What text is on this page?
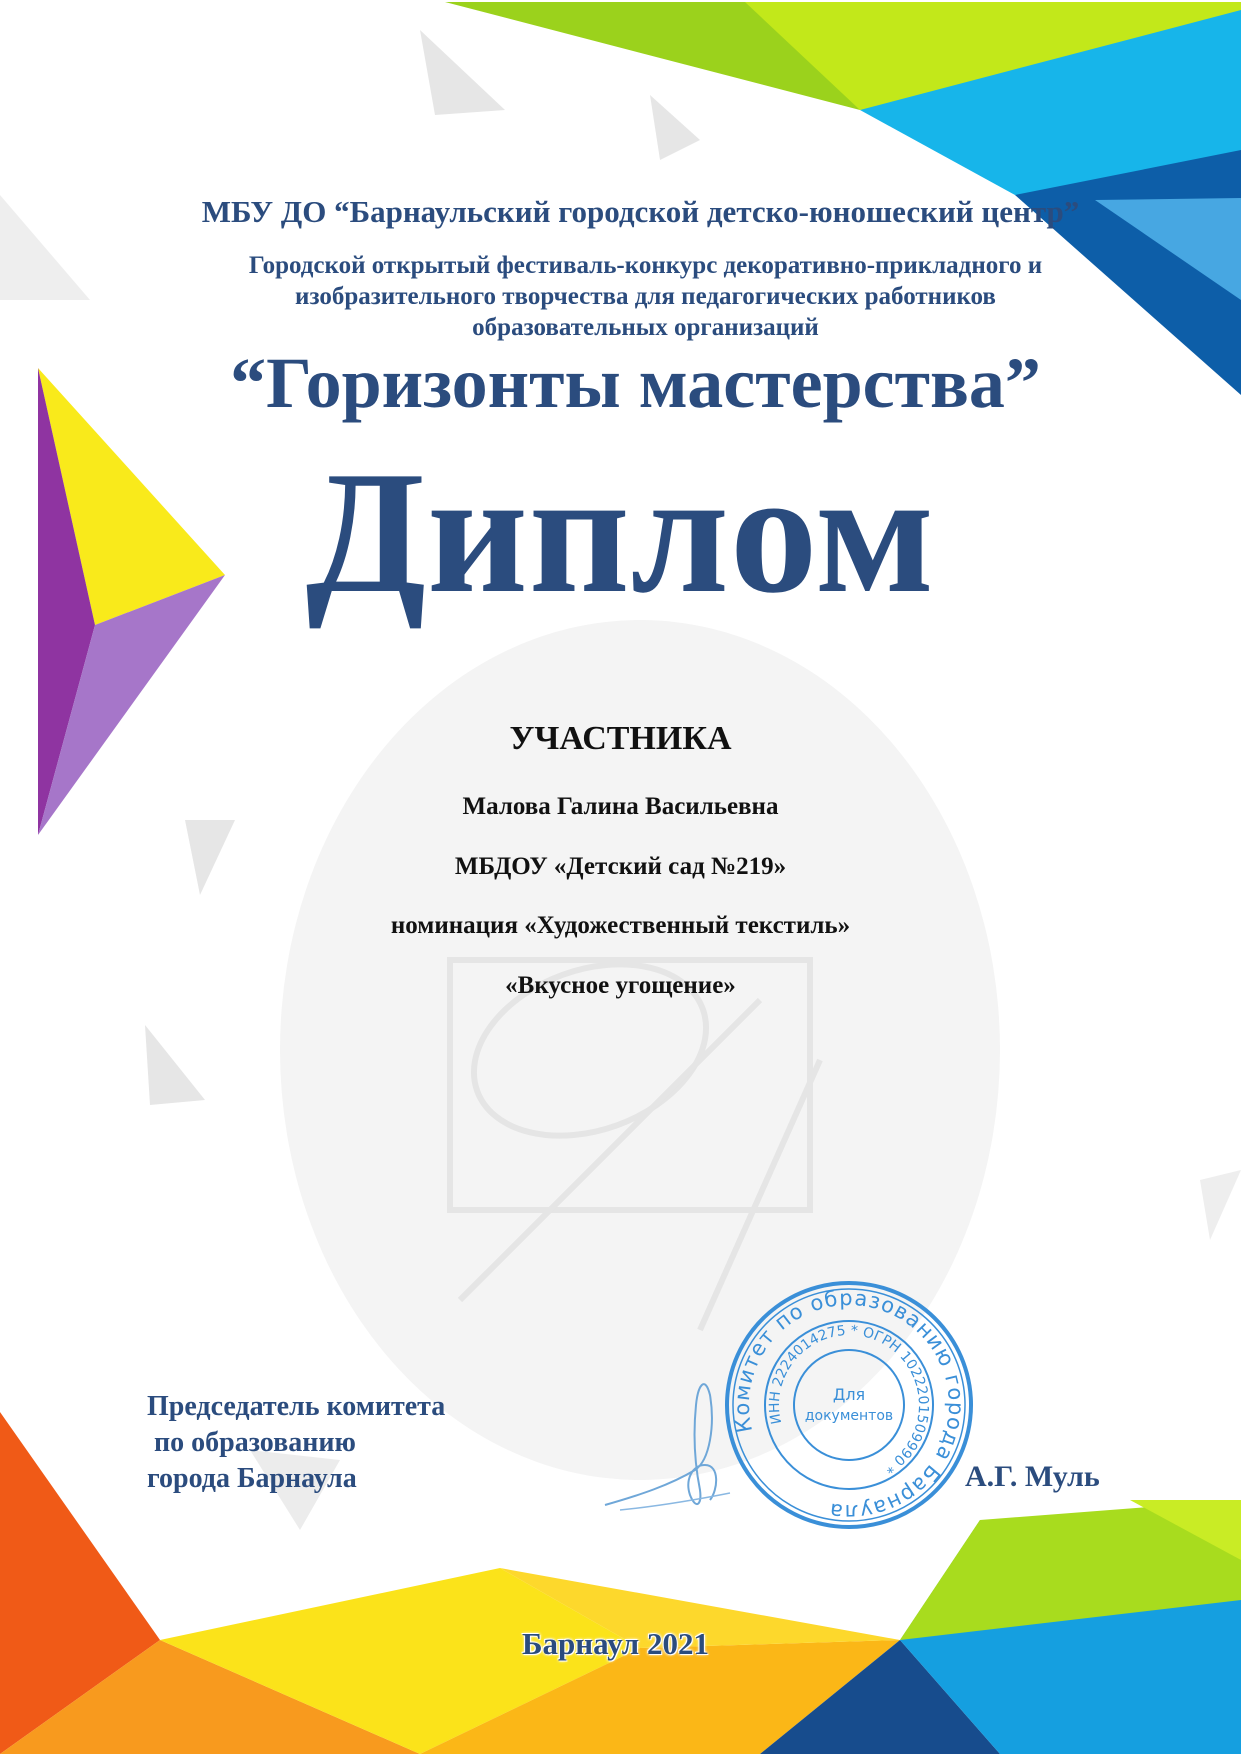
МБУ ДО “Барнаульский городской детско-юношеский центр”
Городской открытый фестиваль-конкурс декоративно-прикладного и
изобразительного творчества для педагогических работников
образовательных организаций
“Горизонты мастерства”
Диплом
УЧАСТНИКА
Малова Галина Васильевна
МБДОУ «Детский сад №219»
номинация «Художественный текстиль»
«Вкусное угощение»
Председатель комитета
по образованию
города Барнаула
Комитет по образованию города Барнаула
ИНН 2224014275 * ОГРН 1022201509990 *
Для
документов
А.Г. Муль
Барнаул 2021
